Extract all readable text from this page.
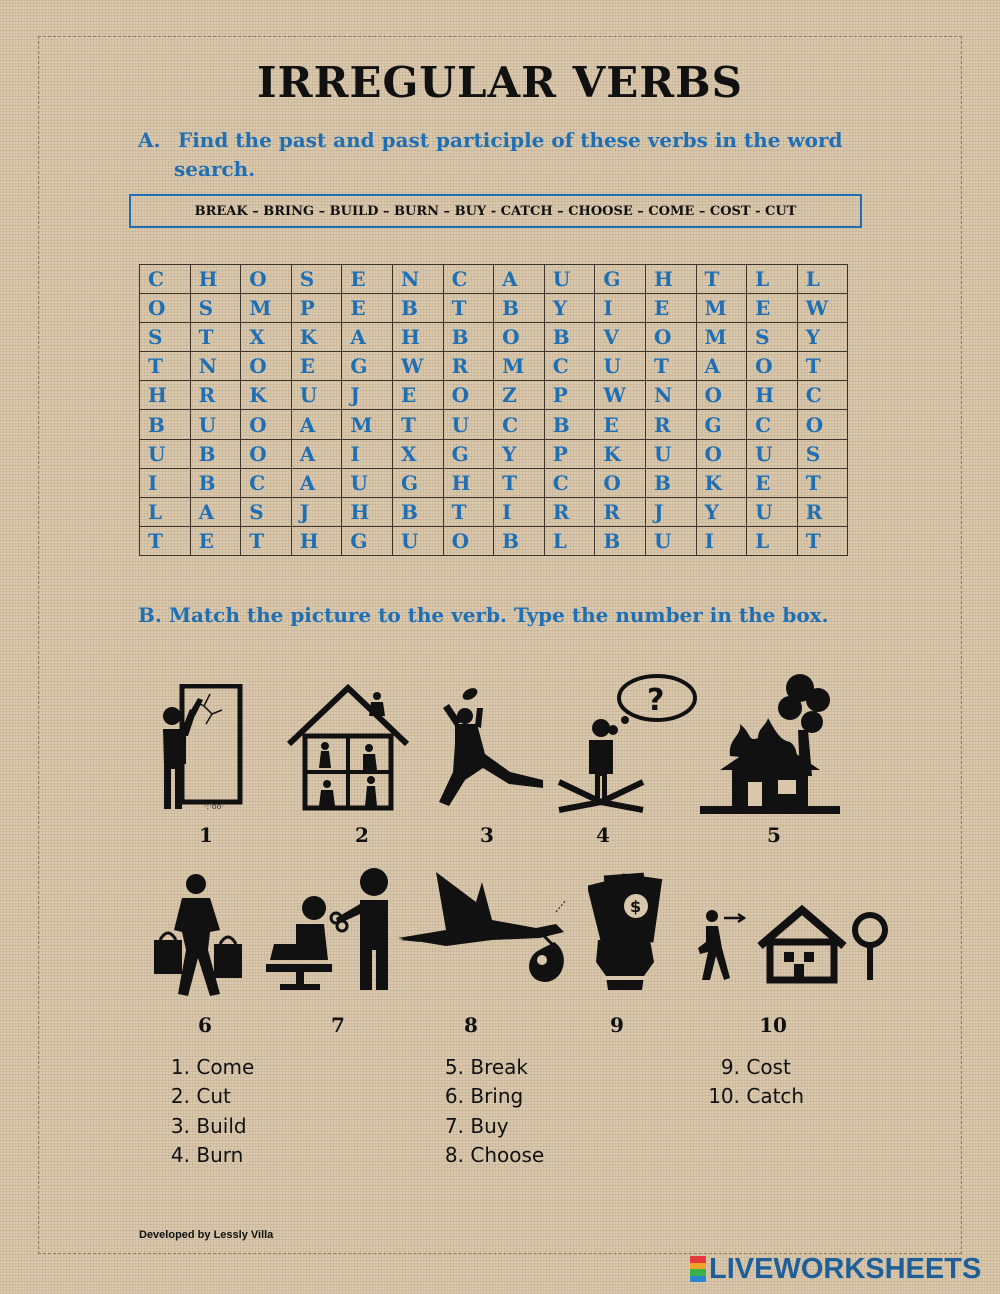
IRREGULAR VERBS
A. Find the past and past participle of these verbs in the word
search.
BREAK – BRING – BUILD – BURN – BUY - CATCH – CHOOSE – COME – COST - CUT
C	H	O	S	E	N	C	A	U	G	H	T	L	L
O	S	M	P	E	B	T	B	Y	I	E	M	E	W
S	T	X	K	A	H	B	O	B	V	O	M	S	Y
T	N	O	E	G	W	R	M	C	U	T	A	O	T
H	R	K	U	J	E	O	Z	P	W	N	O	H	C
B	U	O	A	M	T	U	C	B	E	R	G	C	O
U	B	O	A	I	X	G	Y	P	K	U	O	U	S
I	B	C	A	U	G	H	T	C	O	B	K	E	T
L	A	S	J	H	B	T	I	R	R	J	Y	U	R
T	E	T	H	G	U	O	B	L	B	U	I	L	T
B. Match the picture to the verb. Type the number in the box.
·:·oo·
?
$
1	2	3	4	5
6	7	8	9	10
1. Come
2. Cut
3. Build
4. Burn
5. Break
6. Bring
7. Buy
8. Choose
9. Cost
10. Catch
Developed by Lessly Villa
LIVEWORKSHEETS
